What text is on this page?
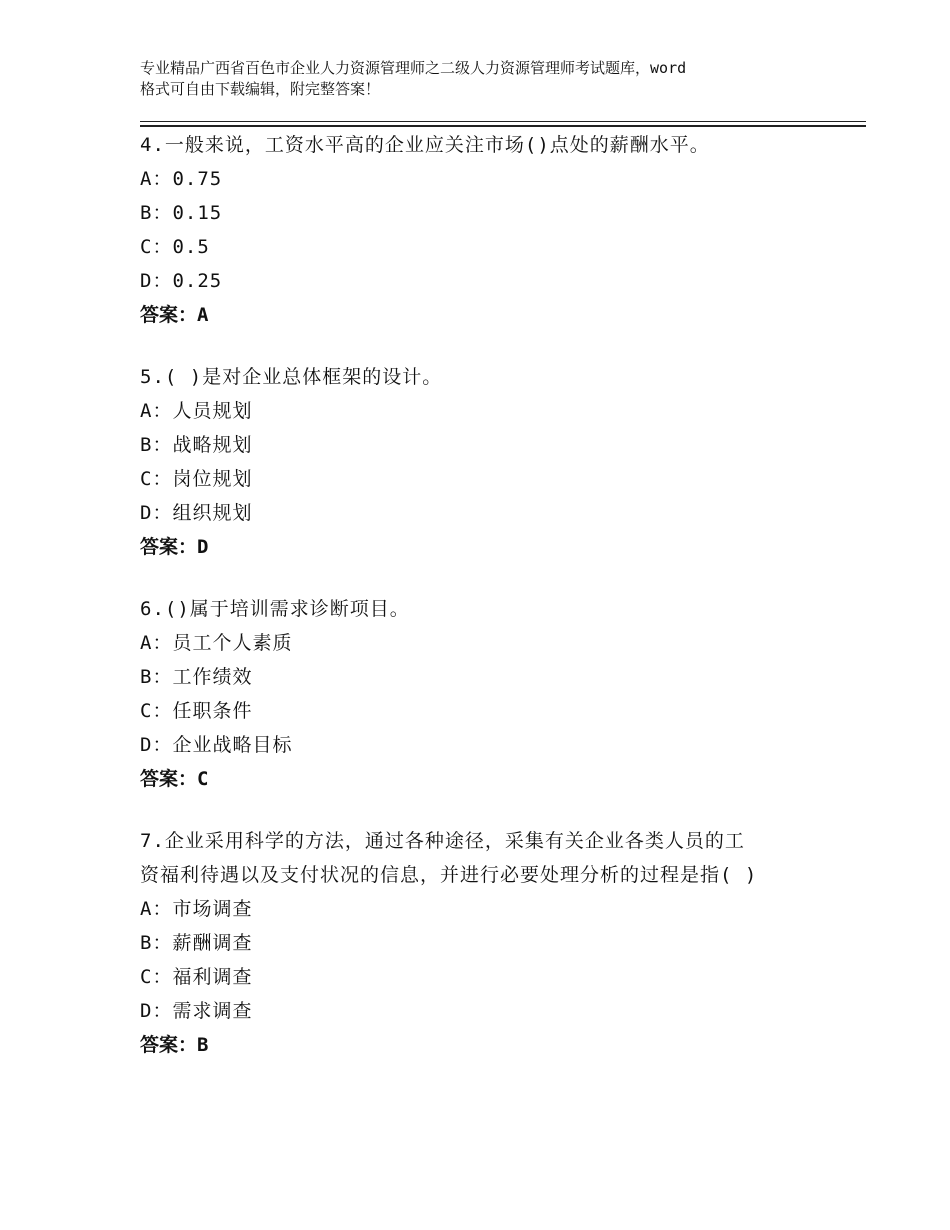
专业精品广西省百色市企业人力资源管理师之二级人力资源管理师考试题库，word
格式可自由下载编辑，附完整答案！
4.一般来说，工资水平高的企业应关注市场()点处的薪酬水平。
A：0.75
B：0.15
C：0.5
D：0.25
答案：A
5.( )是对企业总体框架的设计。
A：人员规划
B：战略规划
C：岗位规划
D：组织规划
答案：D
6.()属于培训需求诊断项目。
A：员工个人素质
B：工作绩效
C：任职条件
D：企业战略目标
答案：C
7.企业采用科学的方法，通过各种途径，采集有关企业各类人员的工
资福利待遇以及支付状况的信息，并进行必要处理分析的过程是指( )
A：市场调查
B：薪酬调查
C：福利调查
D：需求调查
答案：B
